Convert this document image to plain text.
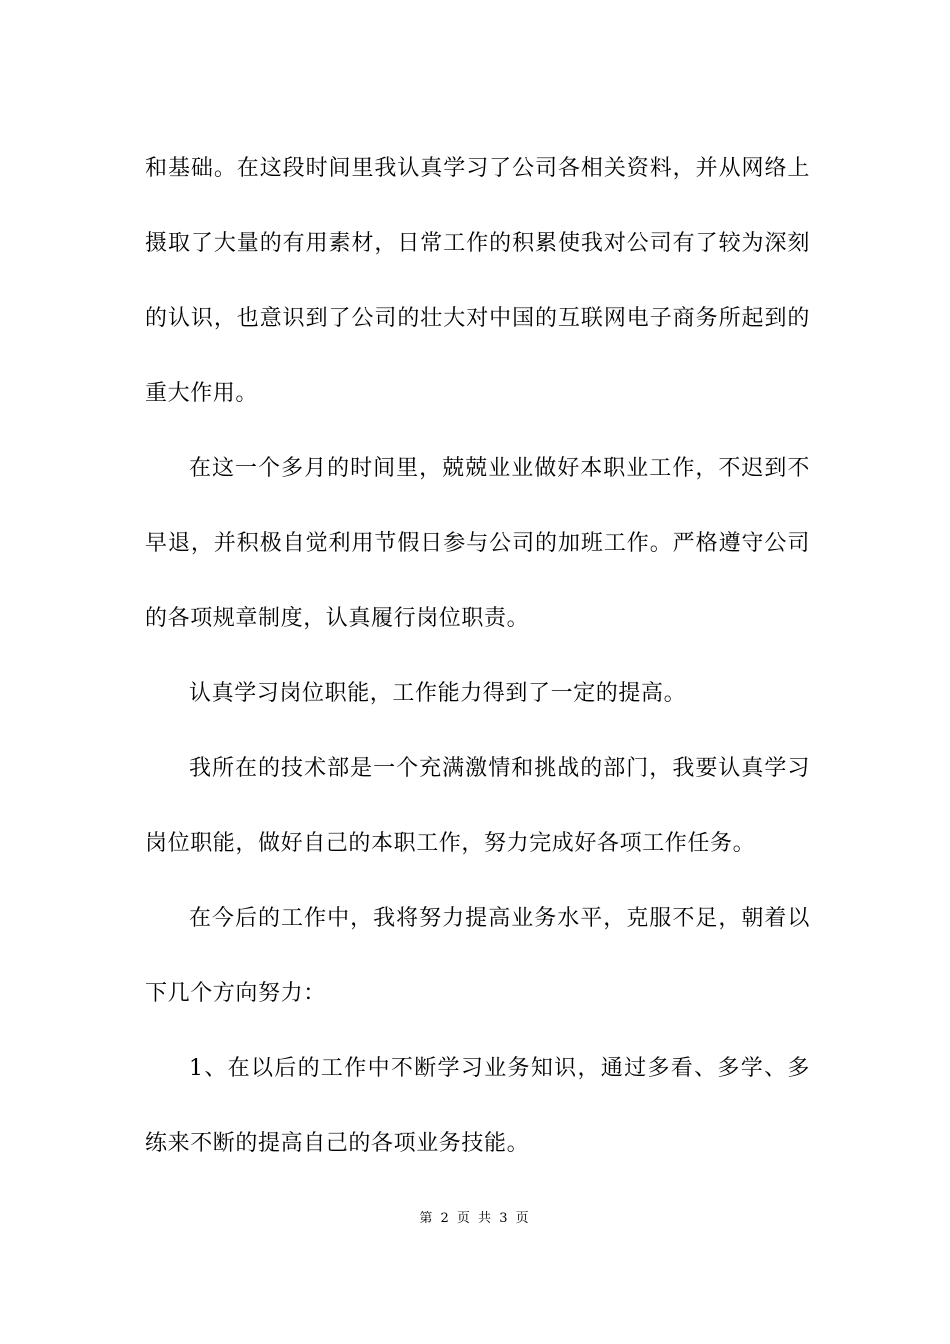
和基础。在这段时间里我认真学习了公司各相关资料，并从网络上摄取了大量的有用素材，日常工作的积累使我对公司有了较为深刻的认识，也意识到了公司的壮大对中国的互联网电子商务所起到的重大作用。

在这一个多月的时间里，兢兢业业做好本职业工作，不迟到不早退，并积极自觉利用节假日参与公司的加班工作。严格遵守公司的各项规章制度，认真履行岗位职责。

认真学习岗位职能，工作能力得到了一定的提高。

我所在的技术部是一个充满激情和挑战的部门，我要认真学习岗位职能，做好自己的本职工作，努力完成好各项工作任务。

在今后的工作中，我将努力提高业务水平，克服不足，朝着以下几个方向努力：

1、在以后的工作中不断学习业务知识，通过多看、多学、多练来不断的提高自己的各项业务技能。

第 2 页 共 3 页
